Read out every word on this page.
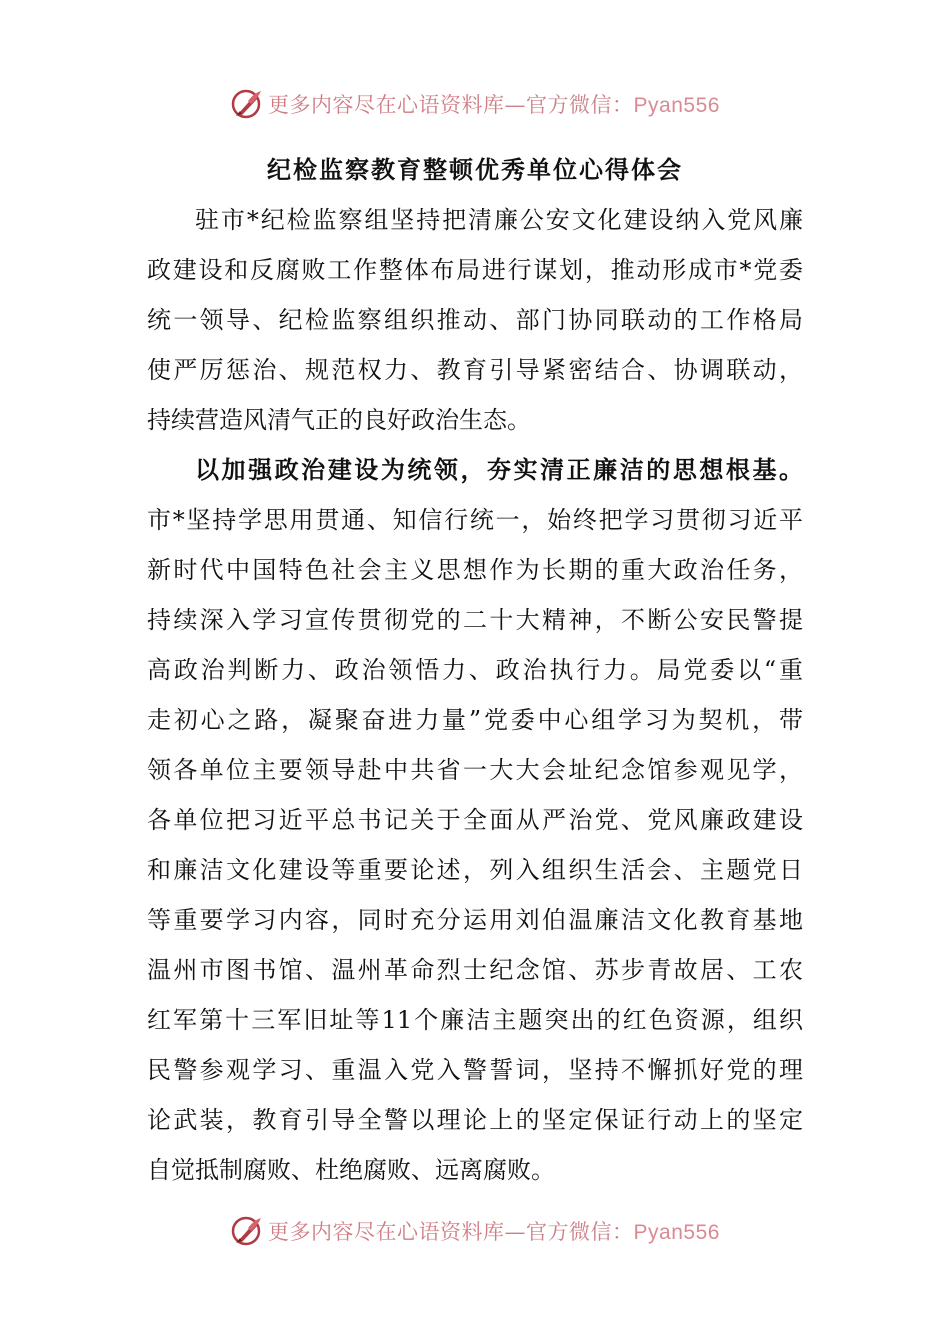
更多内容尽在心语资料库—官方微信：Pyan556
纪检监察教育整顿优秀单位心得体会
驻市*纪检监察组坚持把清廉公安文化建设纳入党风廉
政建设和反腐败工作整体布局进行谋划，推动形成市*党委
统一领导、纪检监察组织推动、部门协同联动的工作格局
使严厉惩治、规范权力、教育引导紧密结合、协调联动，
持续营造风清气正的良好政治生态。
以加强政治建设为统领，夯实清正廉洁的思想根基。
市*坚持学思用贯通、知信行统一，始终把学习贯彻习近平
新时代中国特色社会主义思想作为长期的重大政治任务，
持续深入学习宣传贯彻党的二十大精神，不断公安民警提
高政治判断力、政治领悟力、政治执行力。局党委以“重
走初心之路，凝聚奋进力量”党委中心组学习为契机，带
领各单位主要领导赴中共省一大大会址纪念馆参观见学，
各单位把习近平总书记关于全面从严治党、党风廉政建设
和廉洁文化建设等重要论述，列入组织生活会、主题党日
等重要学习内容，同时充分运用刘伯温廉洁文化教育基地
温州市图书馆、温州革命烈士纪念馆、苏步青故居、工农
红军第十三军旧址等11个廉洁主题突出的红色资源，组织
民警参观学习、重温入党入警誓词，坚持不懈抓好党的理
论武装，教育引导全警以理论上的坚定保证行动上的坚定
自觉抵制腐败、杜绝腐败、远离腐败。
更多内容尽在心语资料库—官方微信：Pyan556
